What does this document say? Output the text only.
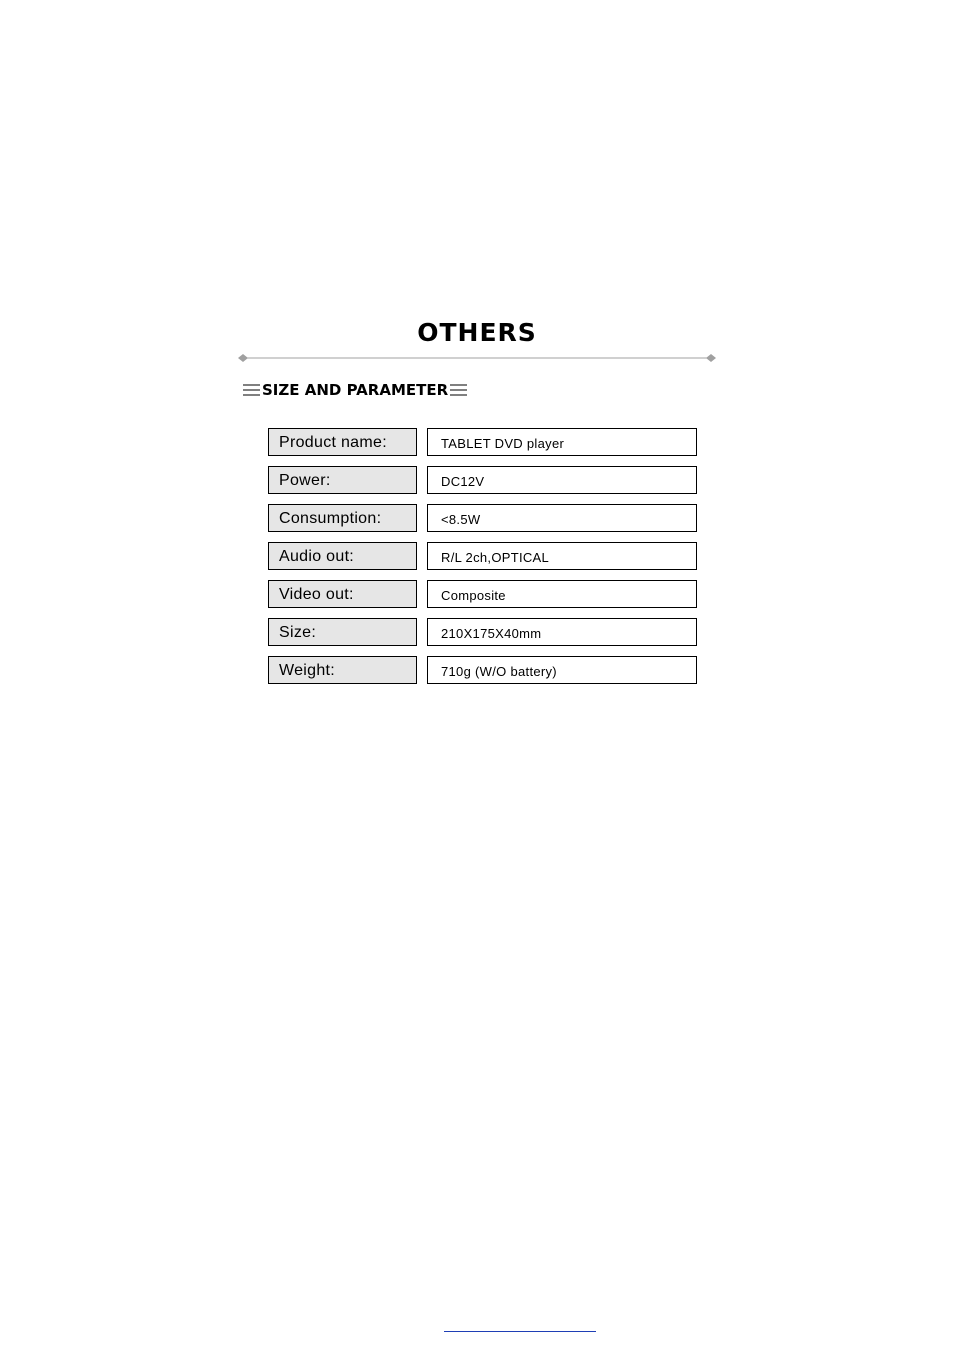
OTHERS
SIZE AND PARAMETER
Product name:	TABLET DVD player
Power:	DC12V
Consumption:	<8.5W
Audio out:	R/L 2ch,OPTICAL
Video out:	Composite
Size:	210X175X40mm
Weight:	710g (W/O battery)
